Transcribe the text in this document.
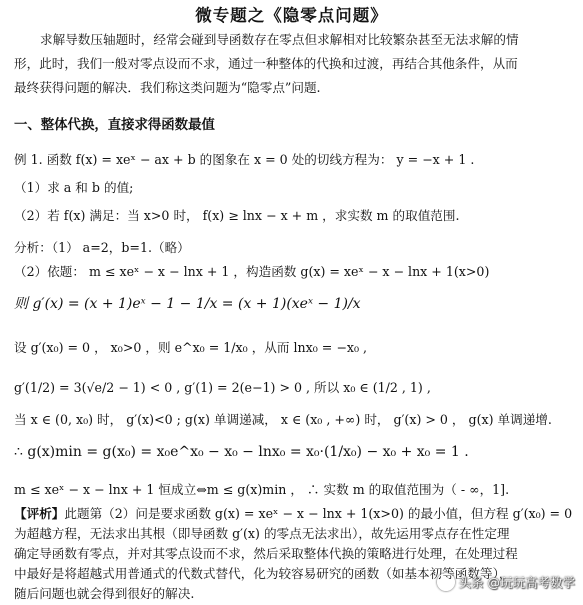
微专题之《隐零点问题》
求解导数压轴题时，经常会碰到导函数存在零点但求解相对比较繁杂甚至无法求解的情
形，此时，我们一般对零点设而不求，通过一种整体的代换和过渡，再结合其他条件，从而
最终获得问题的解决．我们称这类问题为“隐零点”问题.
一、整体代换，直接求得函数最值
例 1. 函数 f(x) = xeˣ − ax + b 的图象在 x = 0 处的切线方程为： y = −x + 1 .
（1）求 a 和 b 的值;
（2）若 f(x) 满足：当 x>0 时， f(x) ≥ lnx − x + m ，求实数 m 的取值范围.
分析：（1） a=2，b=1.（略）
（2）依题： m ≤ xeˣ − x − lnx + 1 ，构造函数 g(x) = xeˣ − x − lnx + 1(x>0)
则 g′(x) = (x + 1)eˣ − 1 − 1/x = (x + 1)(xeˣ − 1)/x
设 g′(x₀) = 0 ， x₀>0 ，则 e^x₀ = 1/x₀ ，从而 lnx₀ = −x₀ ,
g′(1/2) = 3(√e/2 − 1) < 0 , g′(1) = 2(e−1) > 0 , 所以 x₀ ∈ (1/2 , 1) ,
当 x ∈ (0, x₀) 时， g′(x)<0 ; g(x) 单调递减， x ∈ (x₀ , +∞) 时， g′(x) > 0 ， g(x) 单调递增.
∴ g(x)min = g(x₀) = x₀e^x₀ − x₀ − lnx₀ = x₀·(1/x₀) − x₀ + x₀ = 1 .
m ≤ xeˣ − x − lnx + 1 恒成立⇔m ≤ g(x)min ， ∴ 实数 m 的取值范围为（ - ∞，1].
【评析】此题第（2）问是要求函数 g(x) = xeˣ − x − lnx + 1(x>0) 的最小值，但方程 g′(x₀) = 0
为超越方程，无法求出其根（即导函数 g′(x) 的零点无法求出），故先运用零点存在性定理
确定导函数有零点，并对其零点设而不求，然后采取整体代换的策略进行处理，在处理过程
中最好是将超越式用普通式的代数式替代，化为较容易研究的函数（如基本初等函数等），
随后问题也就会得到很好的解决.
头条 @玩玩高考数学
